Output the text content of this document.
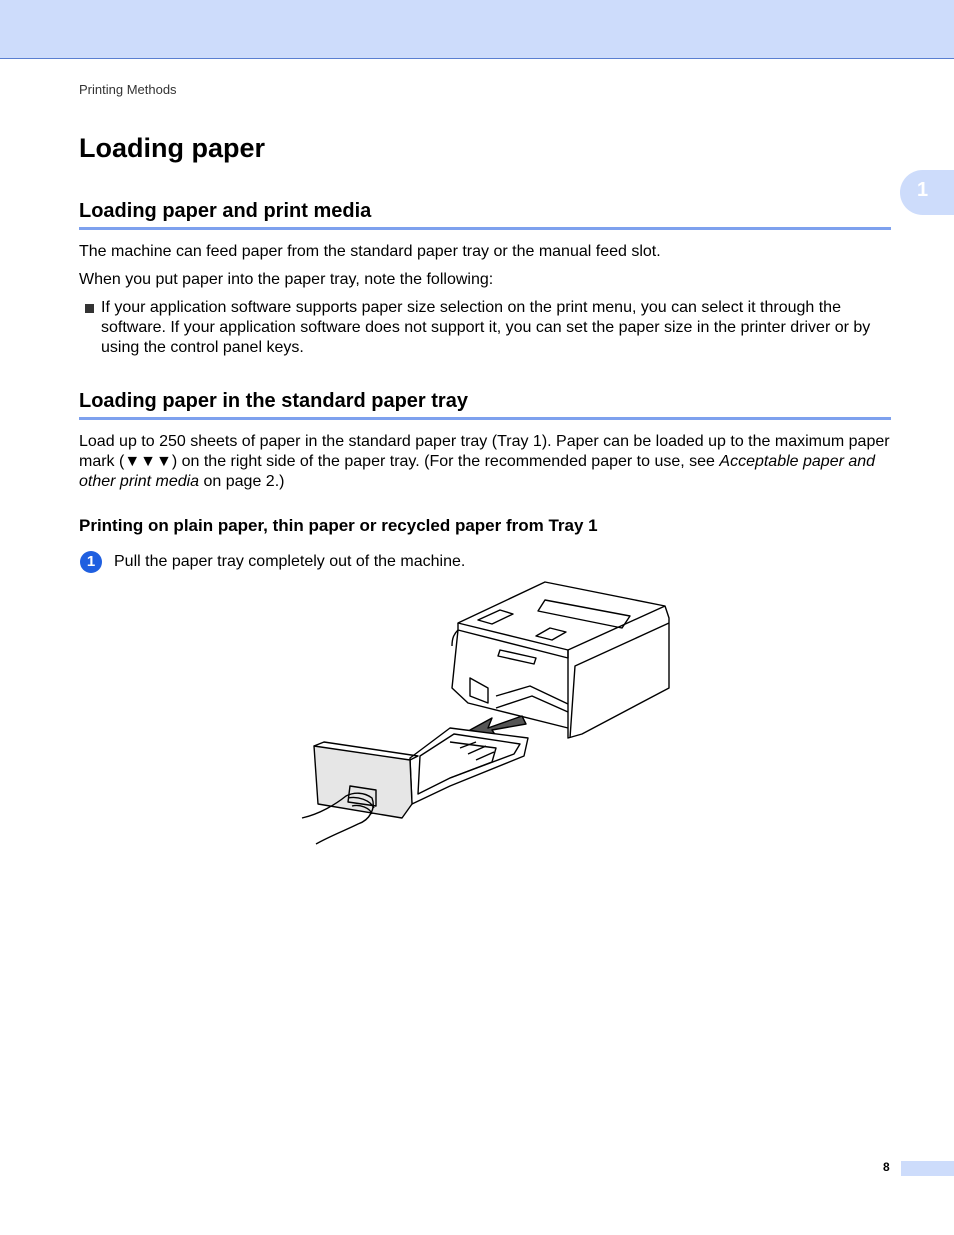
Printing Methods
1
Loading paper
Loading paper and print media

The machine can feed paper from the standard paper tray or the manual feed slot.

When you put paper into the paper tray, note the following:

If your application software supports paper size selection on the print menu, you can select it through the software. If your application software does not support it, you can set the paper size in the printer driver or by using the control panel keys.
Loading paper in the standard paper tray

Load up to 250 sheets of paper in the standard paper tray (Tray 1). Paper can be loaded up to the maximum paper mark (▼▼▼) on the right side of the paper tray. (For the recommended paper to use, see Acceptable paper and other print media on page 2.)

Printing on plain paper, thin paper or recycled paper from Tray 1
1	Pull the paper tray completely out of the machine.
8
